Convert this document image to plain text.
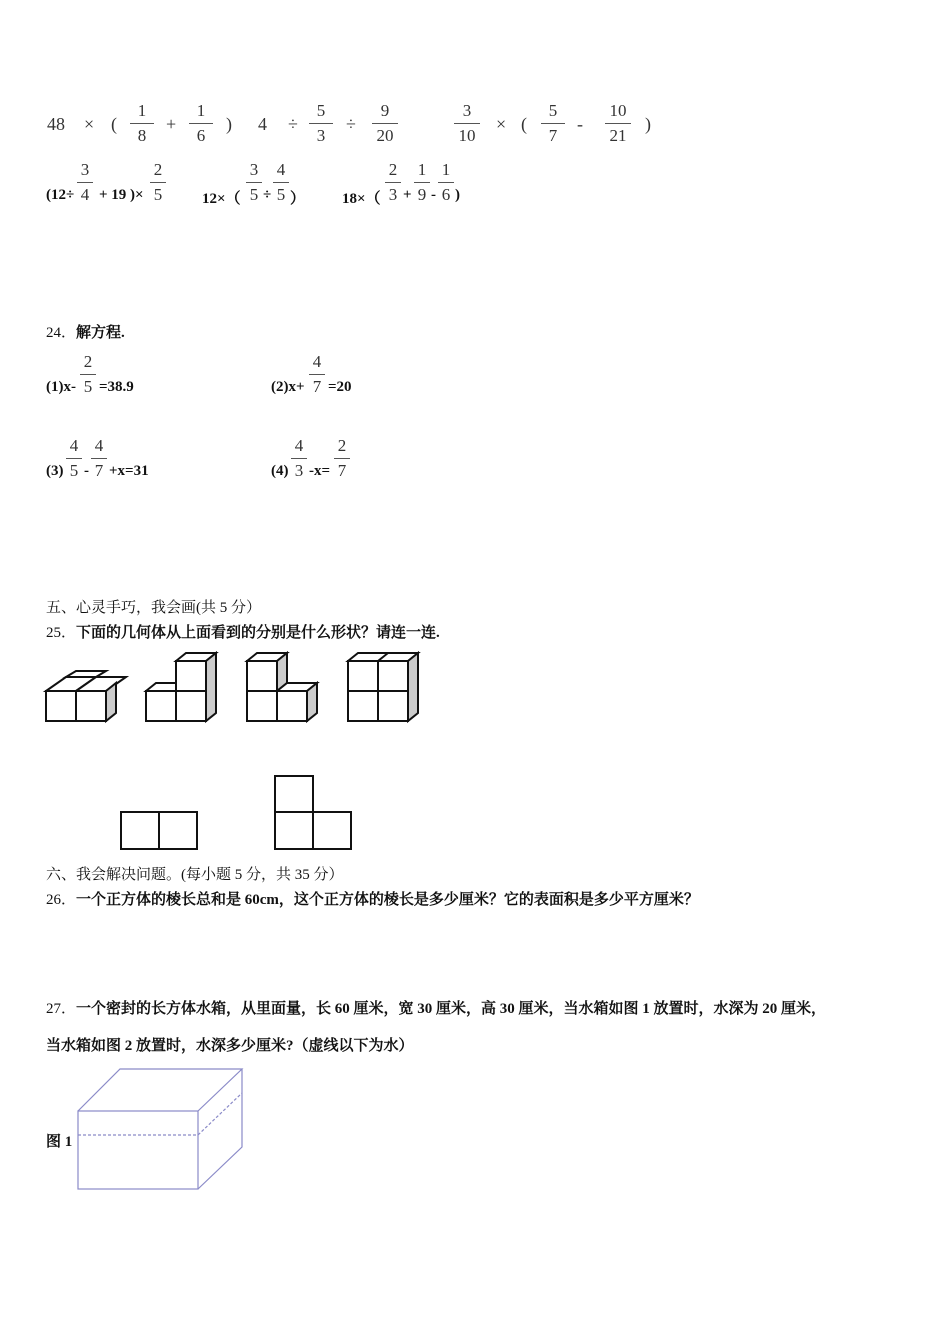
48 × (
1
8
+
1
6
) 4 ÷
5
3
÷
9
20
3
10
× (
5
7
-
10
21
)
(12÷
3
4 + 19 )×
2
5	12×（
3
5 ÷
4
5 ） 18×（
2
3 +
1
9 -
1
6 )
24．解方程.
(1)x-
2
5 =38.9	(2)x+
4
7 =20
(3)
4
5 -
4
7 +x=31	(4)
4
3 -x=
2
7
五、心灵手巧，我会画(共 5 分）
25．下面的几何体从上面看到的分别是什么形状？请连一连.
六、我会解决问题。(每小题 5 分，共 35 分）
26．一个正方体的棱长总和是 60cm，这个正方体的棱长是多少厘米？它的表面积是多少平方厘米？
27．一个密封的长方体水箱，从里面量，长 60 厘米，宽 30 厘米，高 30 厘米，当水箱如图 1 放置时，水深为 20 厘米，
当水箱如图 2 放置时，水深多少厘米?（虚线以下为水）
图 1
